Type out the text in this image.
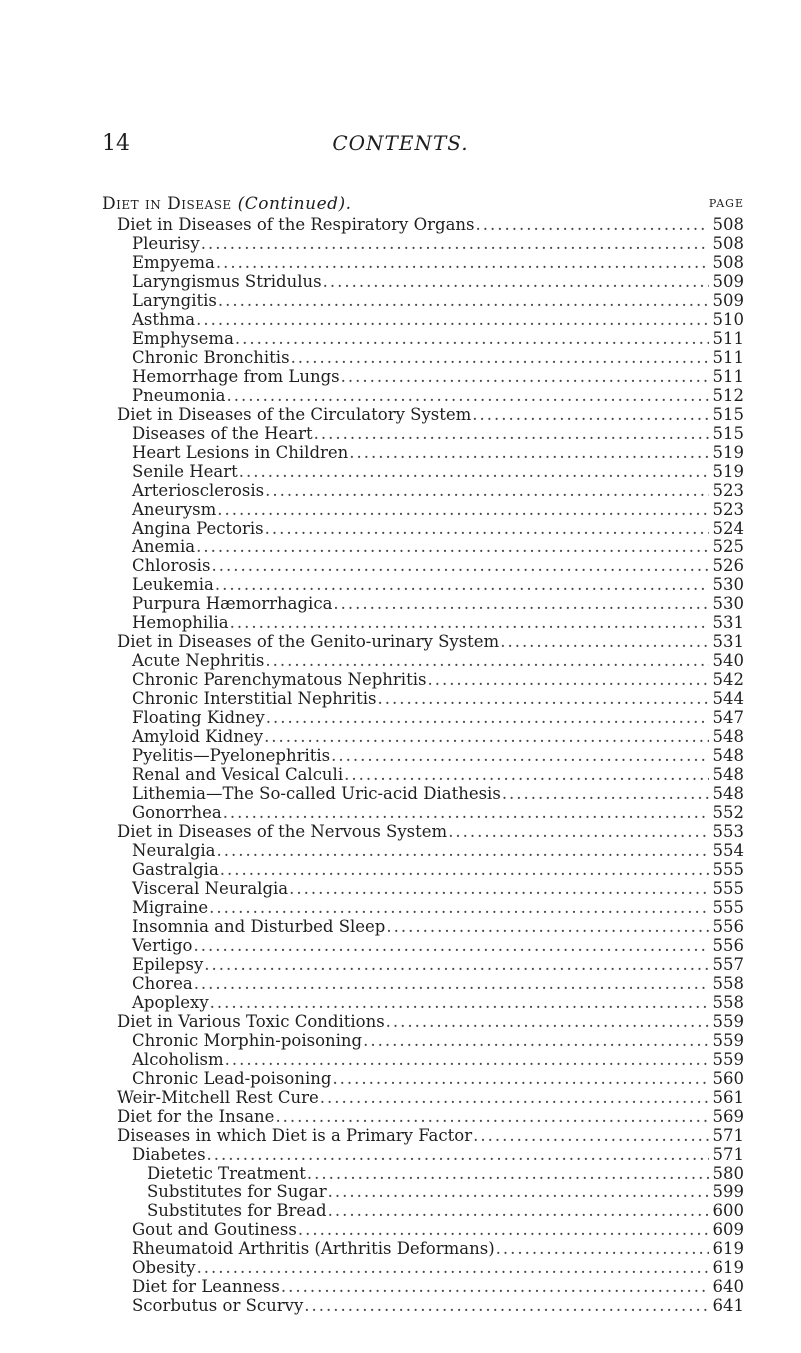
14	CONTENTS.
Diet in Disease (Continued).	PAGE
Diet in Diseases of the Respiratory Organs .....	508
Pleurisy .....	508
Empyema .....	508
Laryngismus Stridulus .....	509
Laryngitis .....	509
Asthma .....	510
Emphysema .....	511
Chronic Bronchitis .....	511
Hemorrhage from Lungs .....	511
Pneumonia .....	512
Diet in Diseases of the Circulatory System .....	515
Diseases of the Heart .....	515
Heart Lesions in Children .....	519
Senile Heart .....	519
Arteriosclerosis .....	523
Aneurysm .....	523
Angina Pectoris .....	524
Anemia .....	525
Chlorosis .....	526
Leukemia .....	530
Purpura Hæmorrhagica .....	530
Hemophilia .....	531
Diet in Diseases of the Genito-urinary System .....	531
Acute Nephritis .....	540
Chronic Parenchymatous Nephritis .....	542
Chronic Interstitial Nephritis .....	544
Floating Kidney .....	547
Amyloid Kidney .....	548
Pyelitis—Pyelonephritis .....	548
Renal and Vesical Calculi .....	548
Lithemia—The So-called Uric-acid Diathesis .....	548
Gonorrhea .....	552
Diet in Diseases of the Nervous System .....	553
Neuralgia .....	554
Gastralgia .....	555
Visceral Neuralgia .....	555
Migraine .....	555
Insomnia and Disturbed Sleep .....	556
Vertigo .....	556
Epilepsy .....	557
Chorea .....	558
Apoplexy .....	558
Diet in Various Toxic Conditions .....	559
Chronic Morphin-poisoning .....	559
Alcoholism .....	559
Chronic Lead-poisoning .....	560
Weir-Mitchell Rest Cure .....	561
Diet for the Insane .....	569
Diseases in which Diet is a Primary Factor .....	571
Diabetes .....	571
Dietetic Treatment .....	580
Substitutes for Sugar .....	599
Substitutes for Bread .....	600
Gout and Goutiness .....	609
Rheumatoid Arthritis (Arthritis Deformans) .....	619
Obesity .....	619
Diet for Leanness .....	640
Scorbutus or Scurvy .....	641
